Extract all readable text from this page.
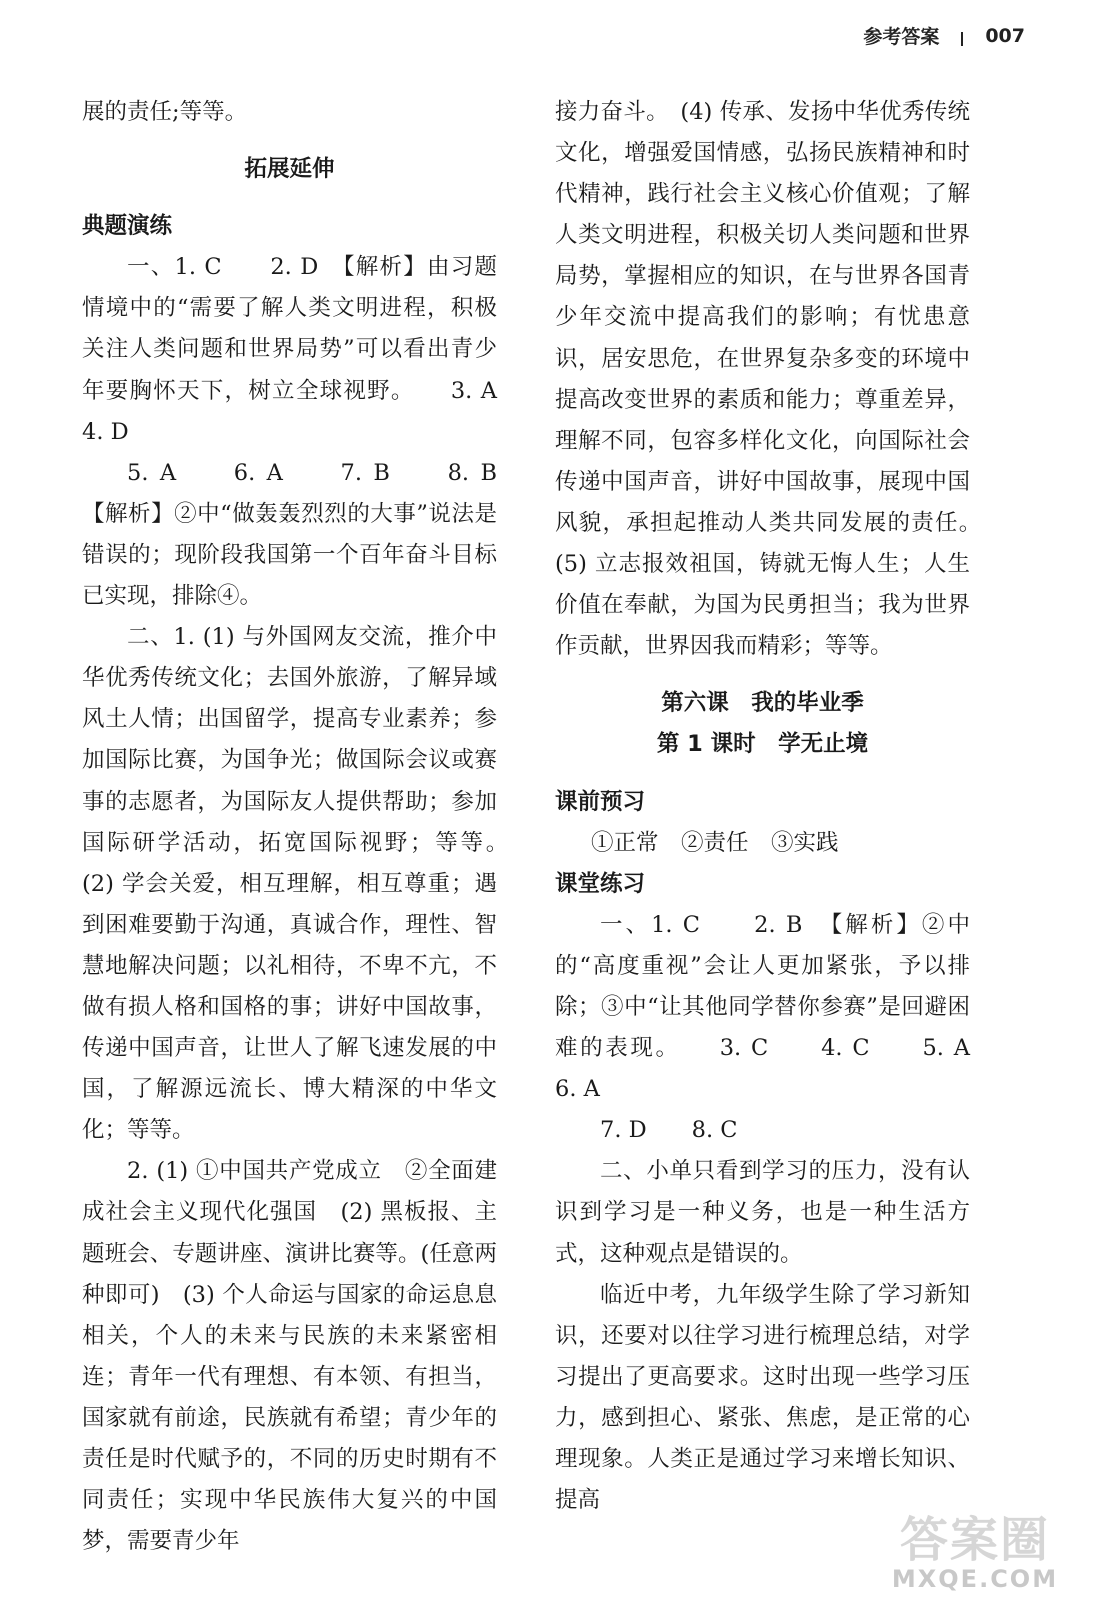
参考答案 007

展的责任;等等。

拓展延伸

典题演练

一、1. C　　2. D　【解析】由习题情境中的“需要了解人类文明进程，积极关注人类问题和世界局势”可以看出青少年要胸怀天下，树立全球视野。　　3. A　　4. D

5. A　　6. A　　7. B　　8. B　【解析】②中“做轰轰烈烈的大事”说法是错误的；现阶段我国第一个百年奋斗目标已实现，排除④。

二、1. (1) 与外国网友交流，推介中华优秀传统文化；去国外旅游，了解异域风土人情；出国留学，提高专业素养；参加国际比赛，为国争光；做国际会议或赛事的志愿者，为国际友人提供帮助；参加国际研学活动，拓宽国际视野；等等。　(2) 学会关爱，相互理解，相互尊重；遇到困难要勤于沟通，真诚合作，理性、智慧地解决问题；以礼相待，不卑不亢，不做有损人格和国格的事；讲好中国故事，传递中国声音，让世人了解飞速发展的中国，了解源远流长、博大精深的中华文化；等等。

2. (1) ①中国共产党成立　②全面建成社会主义现代化强国　(2) 黑板报、主题班会、专题讲座、演讲比赛等。(任意两种即可)　(3) 个人命运与国家的命运息息相关，个人的未来与民族的未来紧密相连；青年一代有理想、有本领、有担当，国家就有前途，民族就有希望；青少年的责任是时代赋予的，不同的历史时期有不同责任；实现中华民族伟大复兴的中国梦，需要青少年

接力奋斗。　(4) 传承、发扬中华优秀传统文化，增强爱国情感，弘扬民族精神和时代精神，践行社会主义核心价值观；了解人类文明进程，积极关切人类问题和世界局势，掌握相应的知识，在与世界各国青少年交流中提高我们的影响；有忧患意识，居安思危，在世界复杂多变的环境中提高改变世界的素质和能力；尊重差异，理解不同，包容多样化文化，向国际社会传递中国声音，讲好中国故事，展现中国风貌，承担起推动人类共同发展的责任。　(5) 立志报效祖国，铸就无悔人生；人生价值在奉献，为国为民勇担当；我为世界作贡献，世界因我而精彩；等等。

第六课　我的毕业季

第 1 课时　学无止境

课前预习

①正常　②责任　③实践

课堂练习

一、1. C　　2. B　【解析】②中的“高度重视”会让人更加紧张，予以排除；③中“让其他同学替你参赛”是回避困难的表现。　　3. C　　4. C　　5. A　　6. A

7. D　　8. C

二、小单只看到学习的压力，没有认识到学习是一种义务，也是一种生活方式，这种观点是错误的。

临近中考，九年级学生除了学习新知识，还要对以往学习进行梳理总结，对学习提出了更高要求。这时出现一些学习压力，感到担心、紧张、焦虑，是正常的心理现象。人类正是通过学习来增长知识、提高

答案圈
MXQE.COM
